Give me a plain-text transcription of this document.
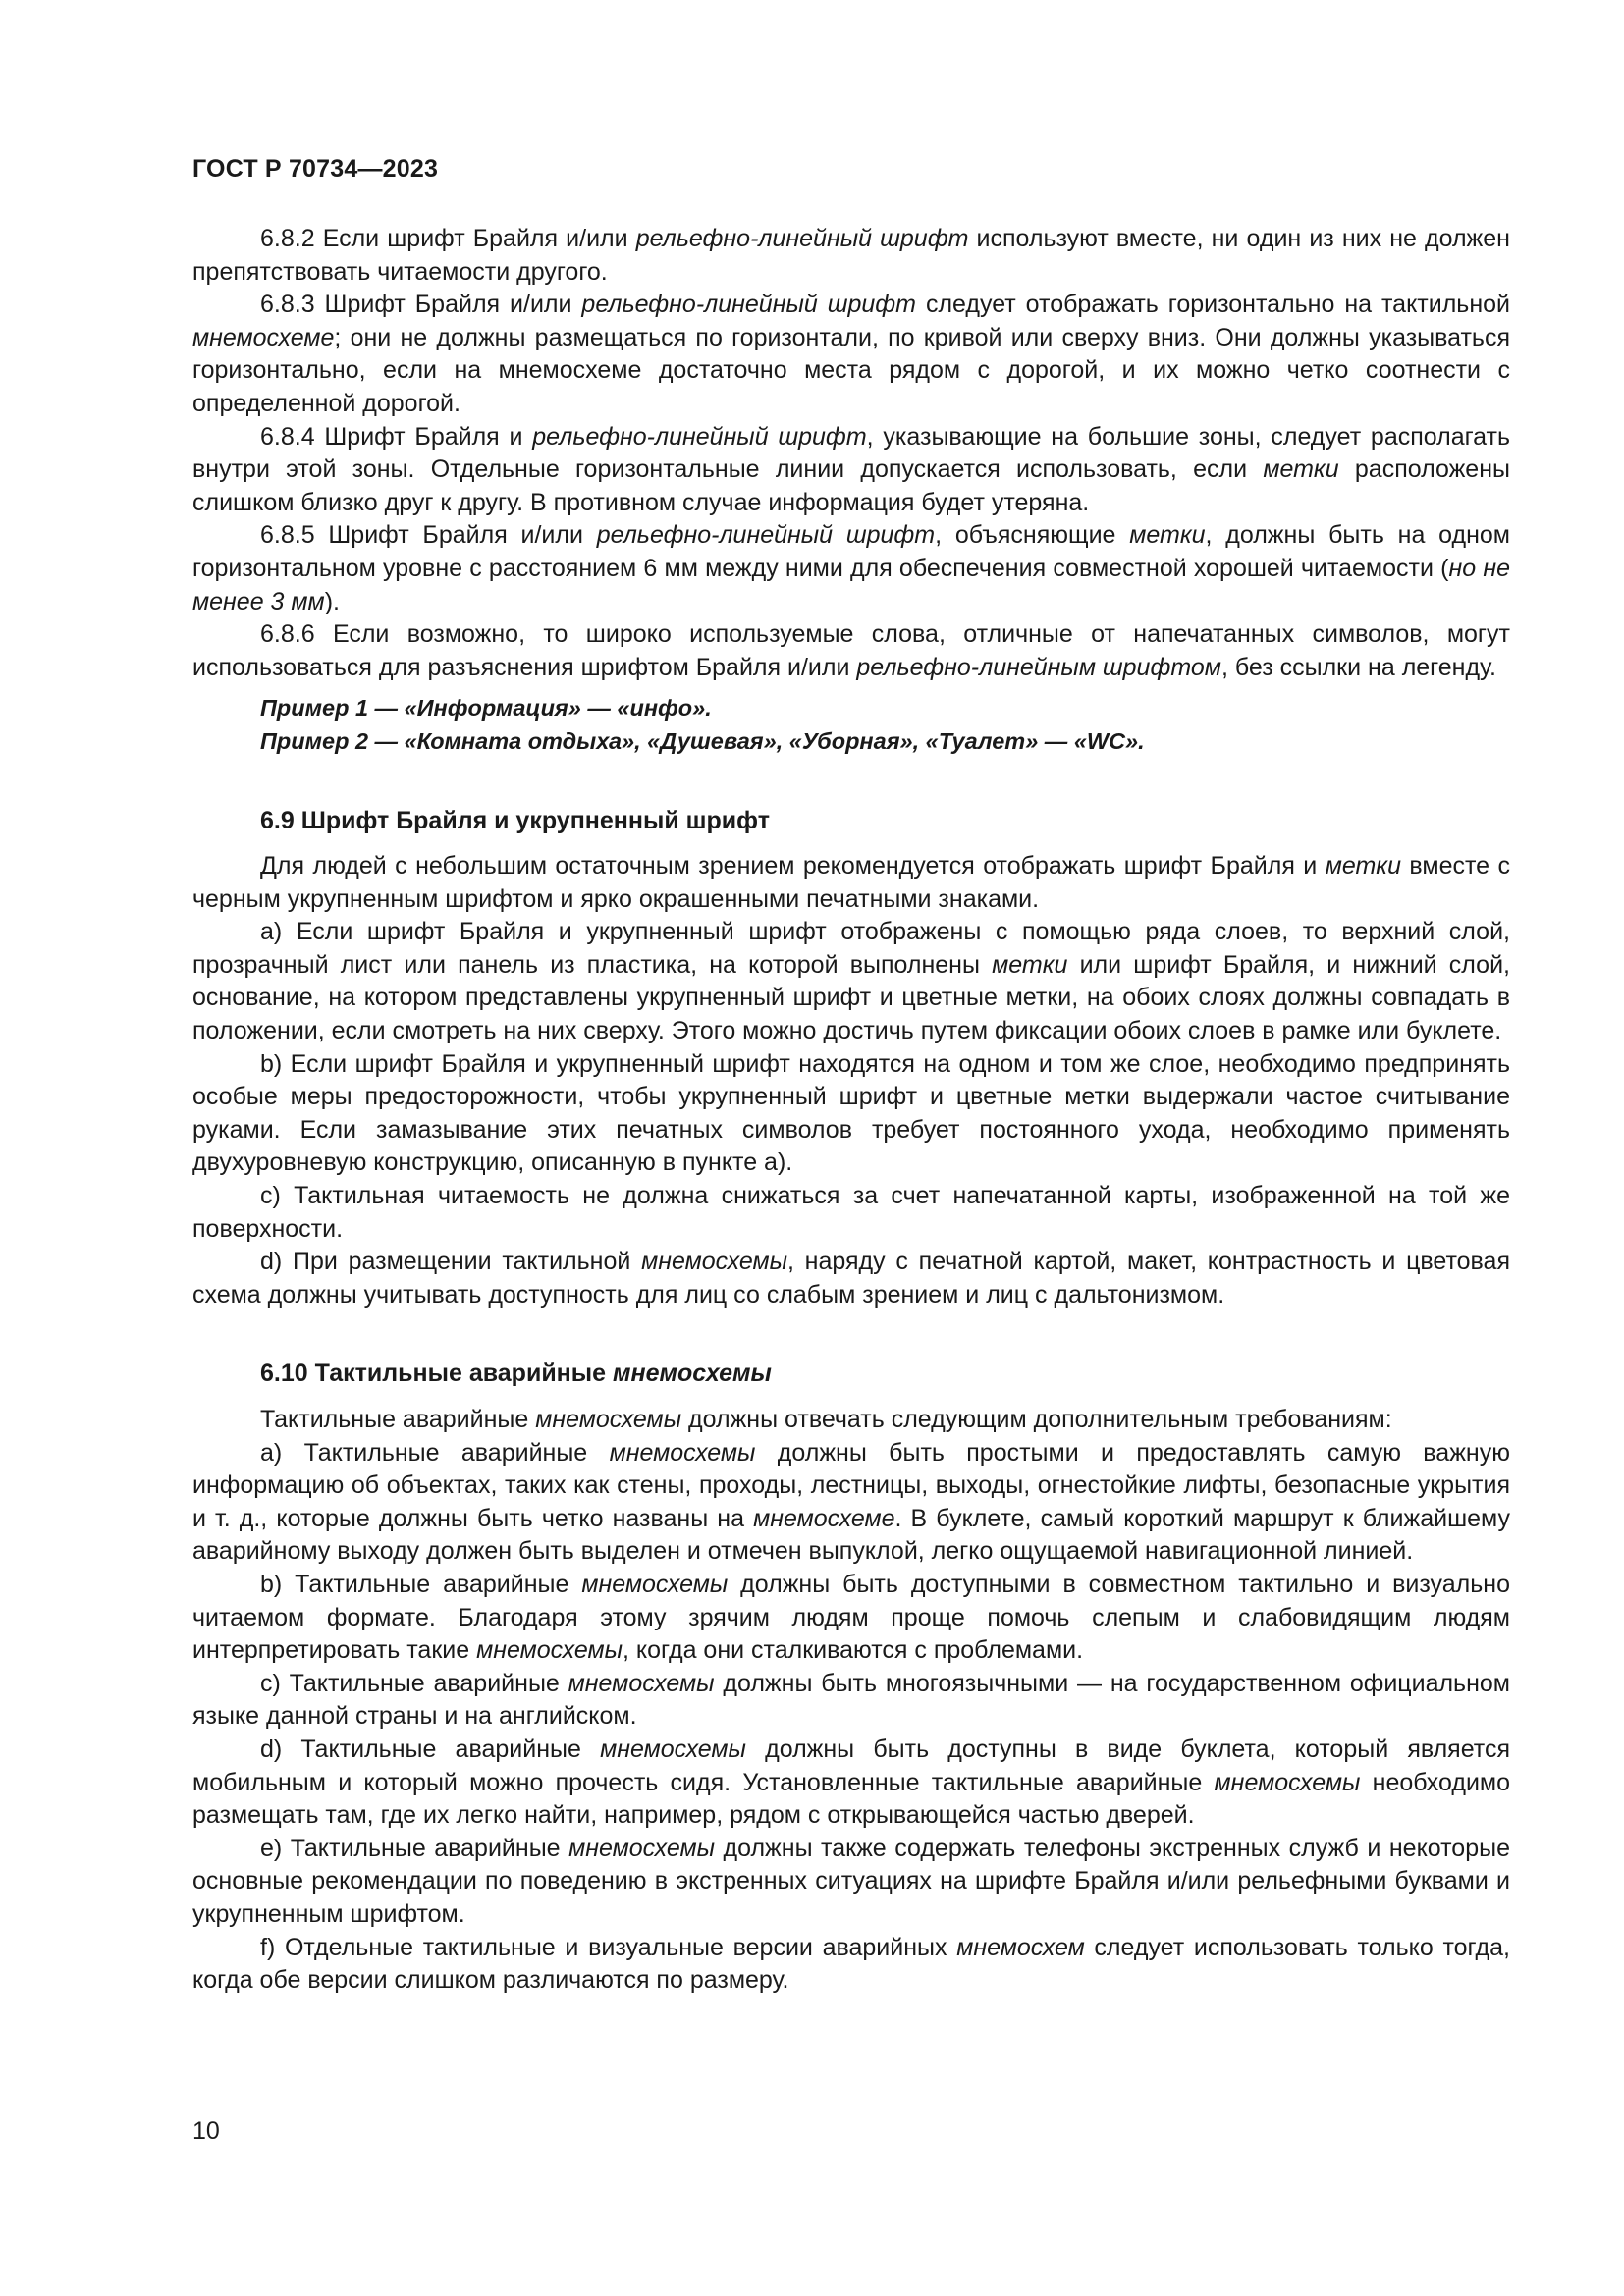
ГОСТ Р 70734—2023

6.8.2 Если шрифт Брайля и/или рельефно-линейный шрифт используют вместе, ни один из них не должен препятствовать читаемости другого.

6.8.3 Шрифт Брайля и/или рельефно-линейный шрифт следует отображать горизонтально на тактильной мнемосхеме; они не должны размещаться по горизонтали, по кривой или сверху вниз. Они должны указываться горизонтально, если на мнемосхеме достаточно места рядом с дорогой, и их можно четко соотнести с определенной дорогой.

6.8.4 Шрифт Брайля и рельефно-линейный шрифт, указывающие на большие зоны, следует располагать внутри этой зоны. Отдельные горизонтальные линии допускается использовать, если метки расположены слишком близко друг к другу. В противном случае информация будет утеряна.

6.8.5 Шрифт Брайля и/или рельефно-линейный шрифт, объясняющие метки, должны быть на одном горизонтальном уровне с расстоянием 6 мм между ними для обеспечения совместной хорошей читаемости (но не менее 3 мм).

6.8.6 Если возможно, то широко используемые слова, отличные от напечатанных символов, могут использоваться для разъяснения шрифтом Брайля и/или рельефно-линейным шрифтом, без ссылки на легенду.

Пример 1 — «Информация» — «инфо».
Пример 2 — «Комната отдыха», «Душевая», «Уборная», «Туалет» — «WC».
6.9 Шрифт Брайля и укрупненный шрифт

Для людей с небольшим остаточным зрением рекомендуется отображать шрифт Брайля и метки вместе с черным укрупненным шрифтом и ярко окрашенными печатными знаками.

a) Если шрифт Брайля и укрупненный шрифт отображены с помощью ряда слоев, то верхний слой, прозрачный лист или панель из пластика, на которой выполнены метки или шрифт Брайля, и нижний слой, основание, на котором представлены укрупненный шрифт и цветные метки, на обоих слоях должны совпадать в положении, если смотреть на них сверху. Этого можно достичь путем фиксации обоих слоев в рамке или буклете.

b) Если шрифт Брайля и укрупненный шрифт находятся на одном и том же слое, необходимо предпринять особые меры предосторожности, чтобы укрупненный шрифт и цветные метки выдержали частое считывание руками. Если замазывание этих печатных символов требует постоянного ухода, необходимо применять двухуровневую конструкцию, описанную в пункте а).

c) Тактильная читаемость не должна снижаться за счет напечатанной карты, изображенной на той же поверхности.

d) При размещении тактильной мнемосхемы, наряду с печатной картой, макет, контрастность и цветовая схема должны учитывать доступность для лиц со слабым зрением и лиц с дальтонизмом.

6.10 Тактильные аварийные мнемосхемы

Тактильные аварийные мнемосхемы должны отвечать следующим дополнительным требованиям:

a) Тактильные аварийные мнемосхемы должны быть простыми и предоставлять самую важную информацию об объектах, таких как стены, проходы, лестницы, выходы, огнестойкие лифты, безопасные укрытия и т. д., которые должны быть четко названы на мнемосхеме. В буклете, самый короткий маршрут к ближайшему аварийному выходу должен быть выделен и отмечен выпуклой, легко ощущаемой навигационной линией.

b) Тактильные аварийные мнемосхемы должны быть доступными в совместном тактильно и визуально читаемом формате. Благодаря этому зрячим людям проще помочь слепым и слабовидящим людям интерпретировать такие мнемосхемы, когда они сталкиваются с проблемами.

c) Тактильные аварийные мнемосхемы должны быть многоязычными — на государственном официальном языке данной страны и на английском.

d) Тактильные аварийные мнемосхемы должны быть доступны в виде буклета, который является мобильным и который можно прочесть сидя. Установленные тактильные аварийные мнемосхемы необходимо размещать там, где их легко найти, например, рядом с открывающейся частью дверей.

e) Тактильные аварийные мнемосхемы должны также содержать телефоны экстренных служб и некоторые основные рекомендации по поведению в экстренных ситуациях на шрифте Брайля и/или рельефными буквами и укрупненным шрифтом.

f) Отдельные тактильные и визуальные версии аварийных мнемосхем следует использовать только тогда, когда обе версии слишком различаются по размеру.

10
